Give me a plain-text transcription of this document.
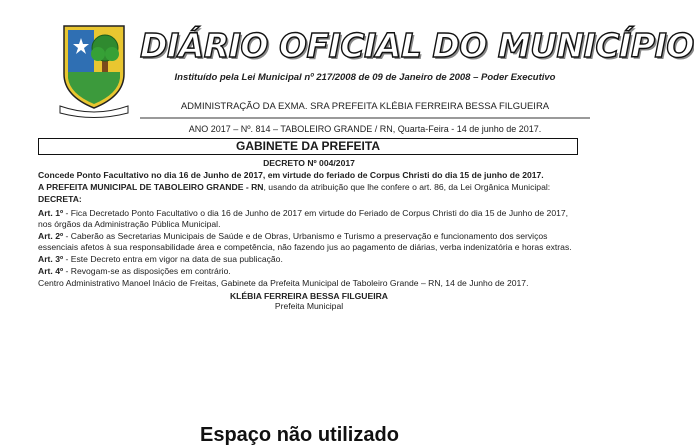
DIÁRIO OFICIAL DO MUNICÍPIO
Instituído pela Lei Municipal nº 217/2008 de 09 de Janeiro de 2008 – Poder Executivo
ADMINISTRAÇÃO DA EXMA. SRA PREFEITA KLÉBIA FERREIRA BESSA FILGUEIRA
ANO 2017 – Nº. 814 – TABOLEIRO GRANDE / RN, Quarta-Feira - 14 de junho de 2017.
GABINETE DA PREFEITA
DECRETO Nº 004/2017
Concede Ponto Facultativo no dia 16 de Junho de 2017, em virtude do feriado de Corpus Christi do dia 15 de junho de 2017.
A PREFEITA MUNICIPAL DE TABOLEIRO GRANDE - RN, usando da atribuição que lhe confere o art. 86, da Lei Orgânica Municipal:
DECRETA:
Art. 1º - Fica Decretado Ponto Facultativo o dia 16 de Junho de 2017 em virtude do Feriado de Corpus Christi do dia 15 de Junho de 2017, nos órgãos da Administração Pública Municipal.
Art. 2º - Caberão as Secretarias Municipais de Saúde e de Obras, Urbanismo e Turismo a preservação e funcionamento dos serviços essenciais afetos à sua responsabilidade área e competência, não fazendo jus ao pagamento de diárias, verba indenizatória e horas extras.
Art. 3º - Este Decreto entra em vigor na data de sua publicação.
Art. 4º - Revogam-se as disposições em contrário.
Centro Administrativo Manoel Inácio de Freitas, Gabinete da Prefeita Municipal de Taboleiro Grande – RN, 14 de Junho de 2017.
KLÉBIA FERREIRA BESSA FILGUEIRA
Prefeita Municipal
Espaço não utilizado
